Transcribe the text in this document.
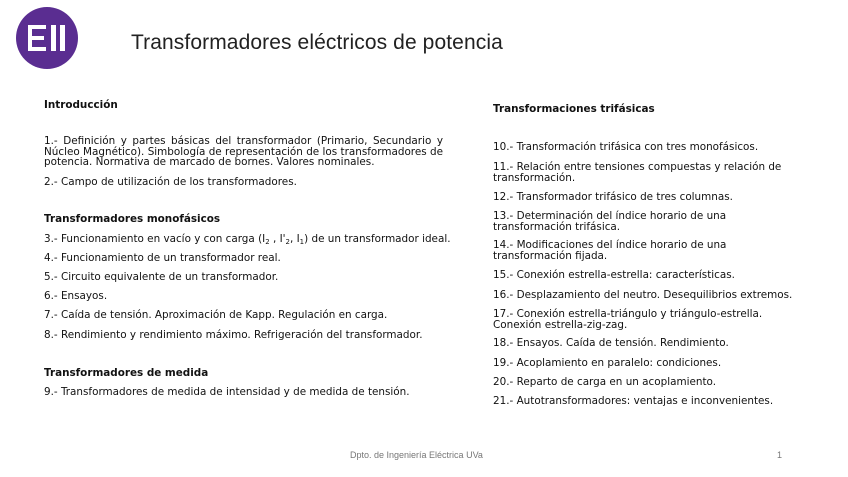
Transformadores eléctricos de potencia
Introducción
1.- Definición y partes básicas del transformador (Primario, Secundario y Núcleo Magnético). Simbología de representación de los transformadores de potencia. Normativa de marcado de bornes. Valores nominales.
2.- Campo de utilización de los transformadores.
Transformadores monofásicos
3.- Funcionamiento en vacío y con carga ($I_2$ , $I'_2$, $I_1$) de un transformador ideal.
4.- Funcionamiento de un transformador real.
5.- Circuito equivalente de un transformador.
6.- Ensayos.
7.- Caída de tensión. Aproximación de Kapp. Regulación en carga.
8.- Rendimiento y rendimiento máximo. Refrigeración del transformador.
Transformadores de medida
9.- Transformadores de medida de intensidad y de medida de tensión.
Transformaciones trifásicas
10.- Transformación trifásica con tres monofásicos.
11.- Relación entre tensiones compuestas y relación de transformación.
12.- Transformador trifásico de tres columnas.
13.- Determinación del índice horario de una transformación trifásica.
14.- Modificaciones del índice horario de una transformación fijada.
15.- Conexión estrella-estrella: características.
16.- Desplazamiento del neutro. Desequilibrios extremos.
17.- Conexión estrella-triángulo y triángulo-estrella. Conexión estrella-zig-zag.
18.- Ensayos. Caída de tensión. Rendimiento.
19.- Acoplamiento en paralelo: condiciones.
20.- Reparto de carga en un acoplamiento.
21.- Autotransformadores: ventajas e inconvenientes.
Dpto. de Ingeniería Eléctrica UVa	1
